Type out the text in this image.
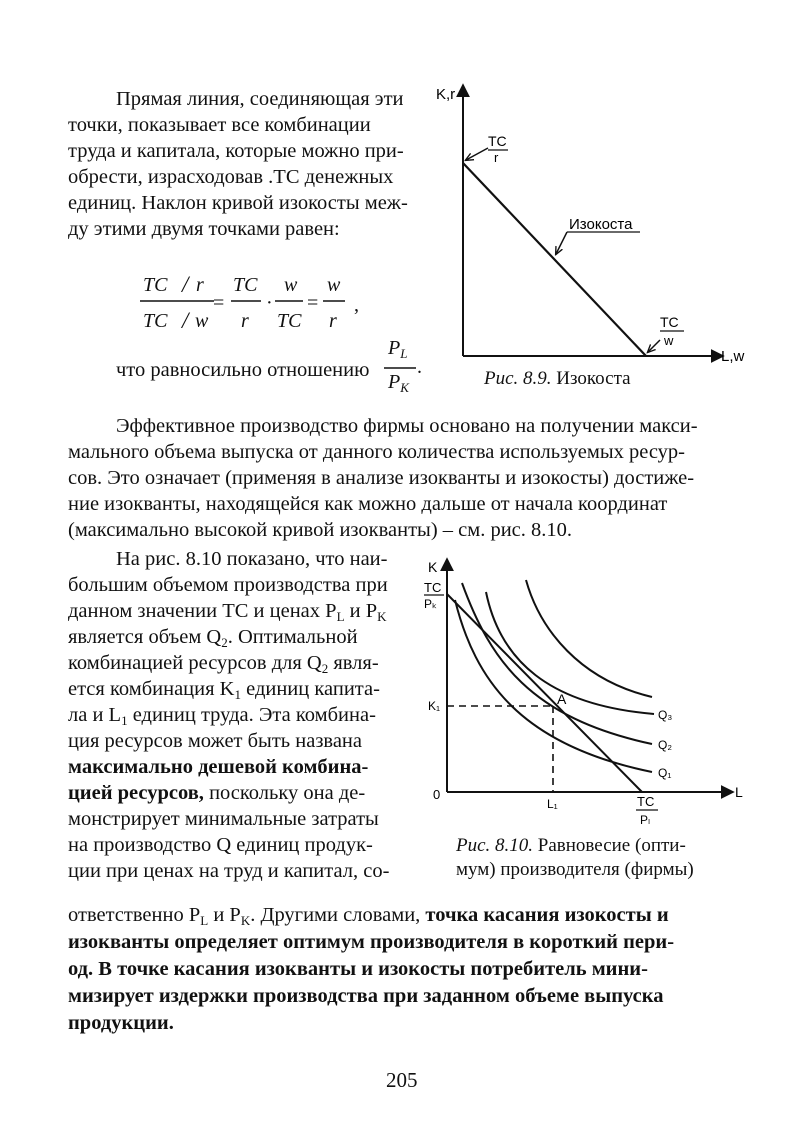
Прямая линия, соединяющая эти
точки, показывает все комбинации
труда и капитала, которые можно при-
обрести, израсходовав .ТС денежных
единиц. Наклон кривой изокосты меж-
ду этими двумя точками равен:
TC / r
TC / w
=
TC
r
·
w
TC
=
w
r
,
что равносильно отношению
$P_L$
$P_K$
.
K,r
L,w
TC
r
Изокоста
TC
w
Рис. 8.9. Изокоста
Эффективное производство фирмы основано на получении макси-
мального объема выпуска от данного количества используемых ресур-
сов. Это означает (применяя в анализе изокванты и изокосты) достиже-
ние изокванты, находящейся как можно дальше от начала координат
(максимально высокой кривой изокванты) – см. рис. 8.10.
На рис. 8.10 показано, что наи-
большим объемом производства при
данном значении ТС и ценах $P_L$ и $P_K$
является объем $Q_2$. Оптимальной
комбинацией ресурсов для $Q_2$ явля-
ется комбинация $K_1$ единиц капита-
ла и $L_1$ единиц труда. Эта комбина-
ция ресурсов может быть названа
максимально дешевой комбина-
цией ресурсов, поскольку она де-
монстрирует минимальные затраты
на производство Q единиц продук-
ции при ценах на труд и капитал, со-
K
TC
Pₖ
K₁
0	L
L₁	TC
Pₗ
A
Q₃
Q₂
Q₁
Рис. 8.10. Равновесие (опти-
мум) производителя (фирмы)
ответственно $P_L$ и $P_K$. Другими словами, точка касания изокосты и
изокванты определяет оптимум производителя в короткий пери-
од. В точке касания изокванты и изокосты потребитель мини-
мизирует издержки производства при заданном объеме выпуска
продукции.
205
